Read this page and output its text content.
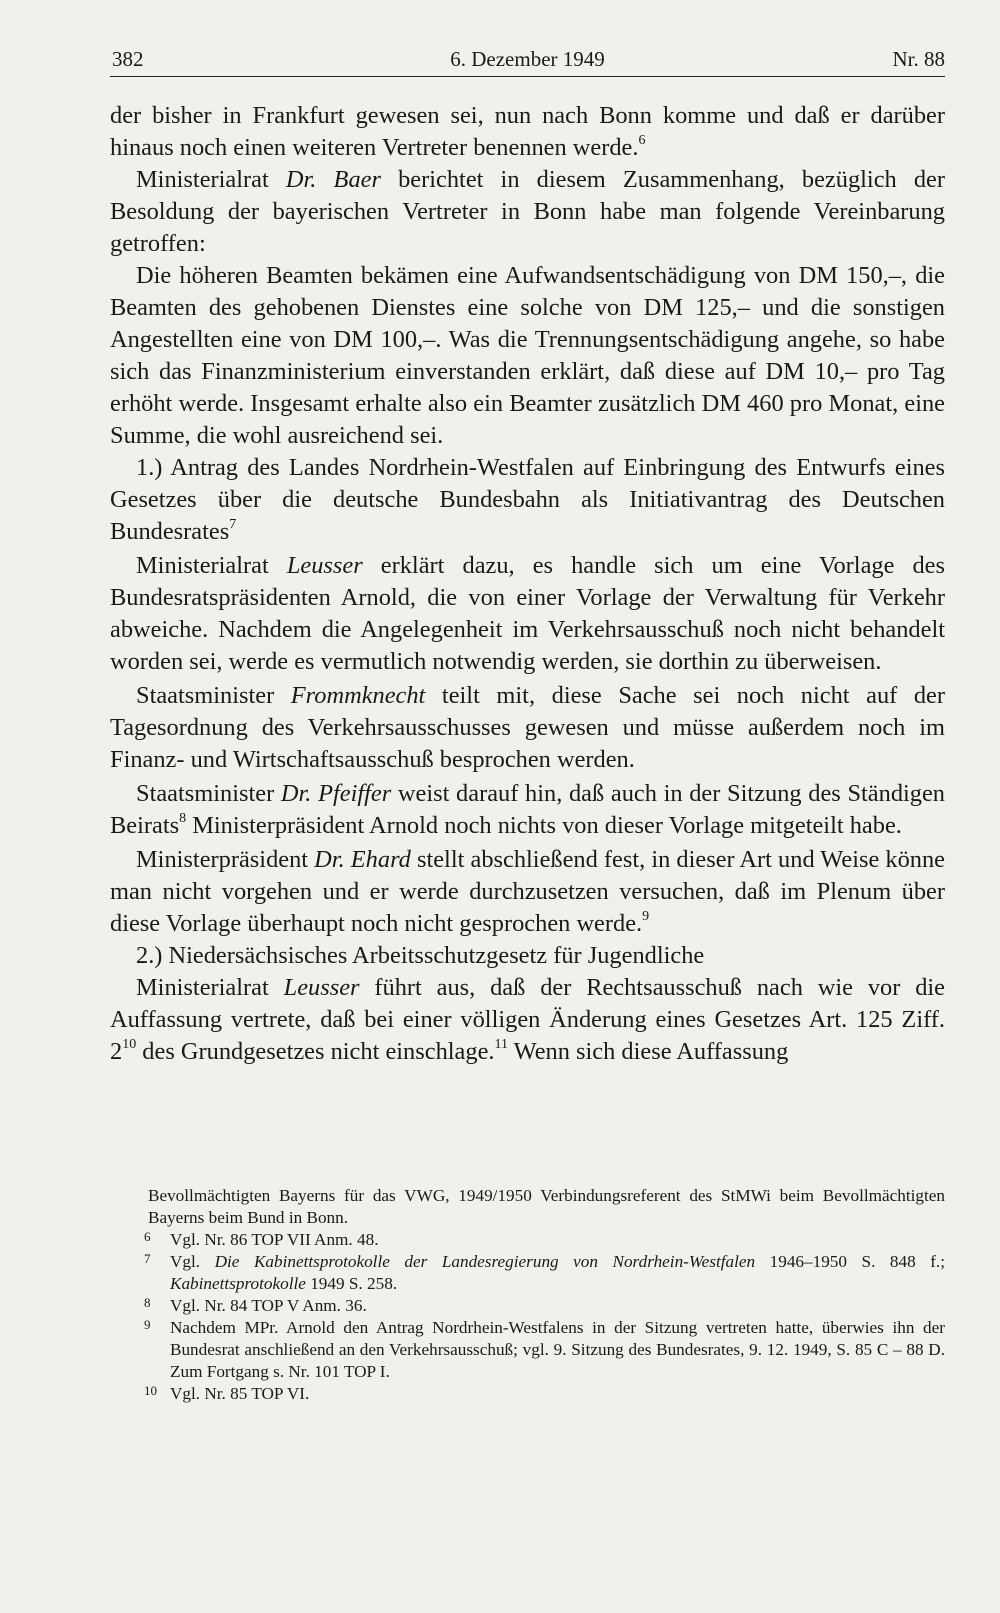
382	6. Dezember 1949	Nr. 88

der bisher in Frankfurt gewesen sei, nun nach Bonn komme und daß er darüber hinaus noch einen weiteren Vertreter benennen werde.$^6$

Ministerialrat Dr. Baer berichtet in diesem Zusammenhang, bezüglich der Besoldung der bayerischen Vertreter in Bonn habe man folgende Vereinbarung getroffen:

Die höheren Beamten bekämen eine Aufwandsentschädigung von DM 150,–, die Beamten des gehobenen Dienstes eine solche von DM 125,– und die sonstigen Angestellten eine von DM 100,–. Was die Trennungsentschädigung angehe, so habe sich das Finanzministerium einverstanden erklärt, daß diese auf DM 10,– pro Tag erhöht werde. Insgesamt erhalte also ein Beamter zusätzlich DM 460 pro Monat, eine Summe, die wohl ausreichend sei.

1.) Antrag des Landes Nordrhein-Westfalen auf Einbringung des Entwurfs eines Gesetzes über die deutsche Bundesbahn als Initiativantrag des Deutschen Bundesrates$^7$

Ministerialrat Leusser erklärt dazu, es handle sich um eine Vorlage des Bundesratspräsidenten Arnold, die von einer Vorlage der Verwaltung für Verkehr abweiche. Nachdem die Angelegenheit im Verkehrsausschuß noch nicht behandelt worden sei, werde es vermutlich notwendig werden, sie dorthin zu überweisen.

Staatsminister Frommknecht teilt mit, diese Sache sei noch nicht auf der Tagesordnung des Verkehrsausschusses gewesen und müsse außerdem noch im Finanz- und Wirtschaftsausschuß besprochen werden.

Staatsminister Dr. Pfeiffer weist darauf hin, daß auch in der Sitzung des Ständigen Beirats$^8$ Ministerpräsident Arnold noch nichts von dieser Vorlage mitgeteilt habe.

Ministerpräsident Dr. Ehard stellt abschließend fest, in dieser Art und Weise könne man nicht vorgehen und er werde durchzusetzen versuchen, daß im Plenum über diese Vorlage überhaupt noch nicht gesprochen werde.$^9$

2.) Niedersächsisches Arbeitsschutzgesetz für Jugendliche

Ministerialrat Leusser führt aus, daß der Rechtsausschuß nach wie vor die Auffassung vertrete, daß bei einer völligen Änderung eines Gesetzes Art. 125 Ziff. $2^{10}$ des Grundgesetzes nicht einschlage.$^{11}$ Wenn sich diese Auffassung

Bevollmächtigten Bayerns für das VWG, 1949/1950 Verbindungsreferent des StMWi beim Bevollmächtigten Bayerns beim Bund in Bonn.

6	Vgl. Nr. 86 TOP VII Anm. 48.

7	Vgl. Die Kabinettsprotokolle der Landesregierung von Nordrhein-Westfalen 1946–1950 S. 848 f.; Kabinettsprotokolle 1949 S. 258.

8	Vgl. Nr. 84 TOP V Anm. 36.

9	Nachdem MPr. Arnold den Antrag Nordrhein-Westfalens in der Sitzung vertreten hatte, überwies ihn der Bundesrat anschließend an den Verkehrsausschuß; vgl. 9. Sitzung des Bundesrates, 9. 12. 1949, S. 85 C – 88 D. Zum Fortgang s. Nr. 101 TOP I.

10 Vgl. Nr. 85 TOP VI.
